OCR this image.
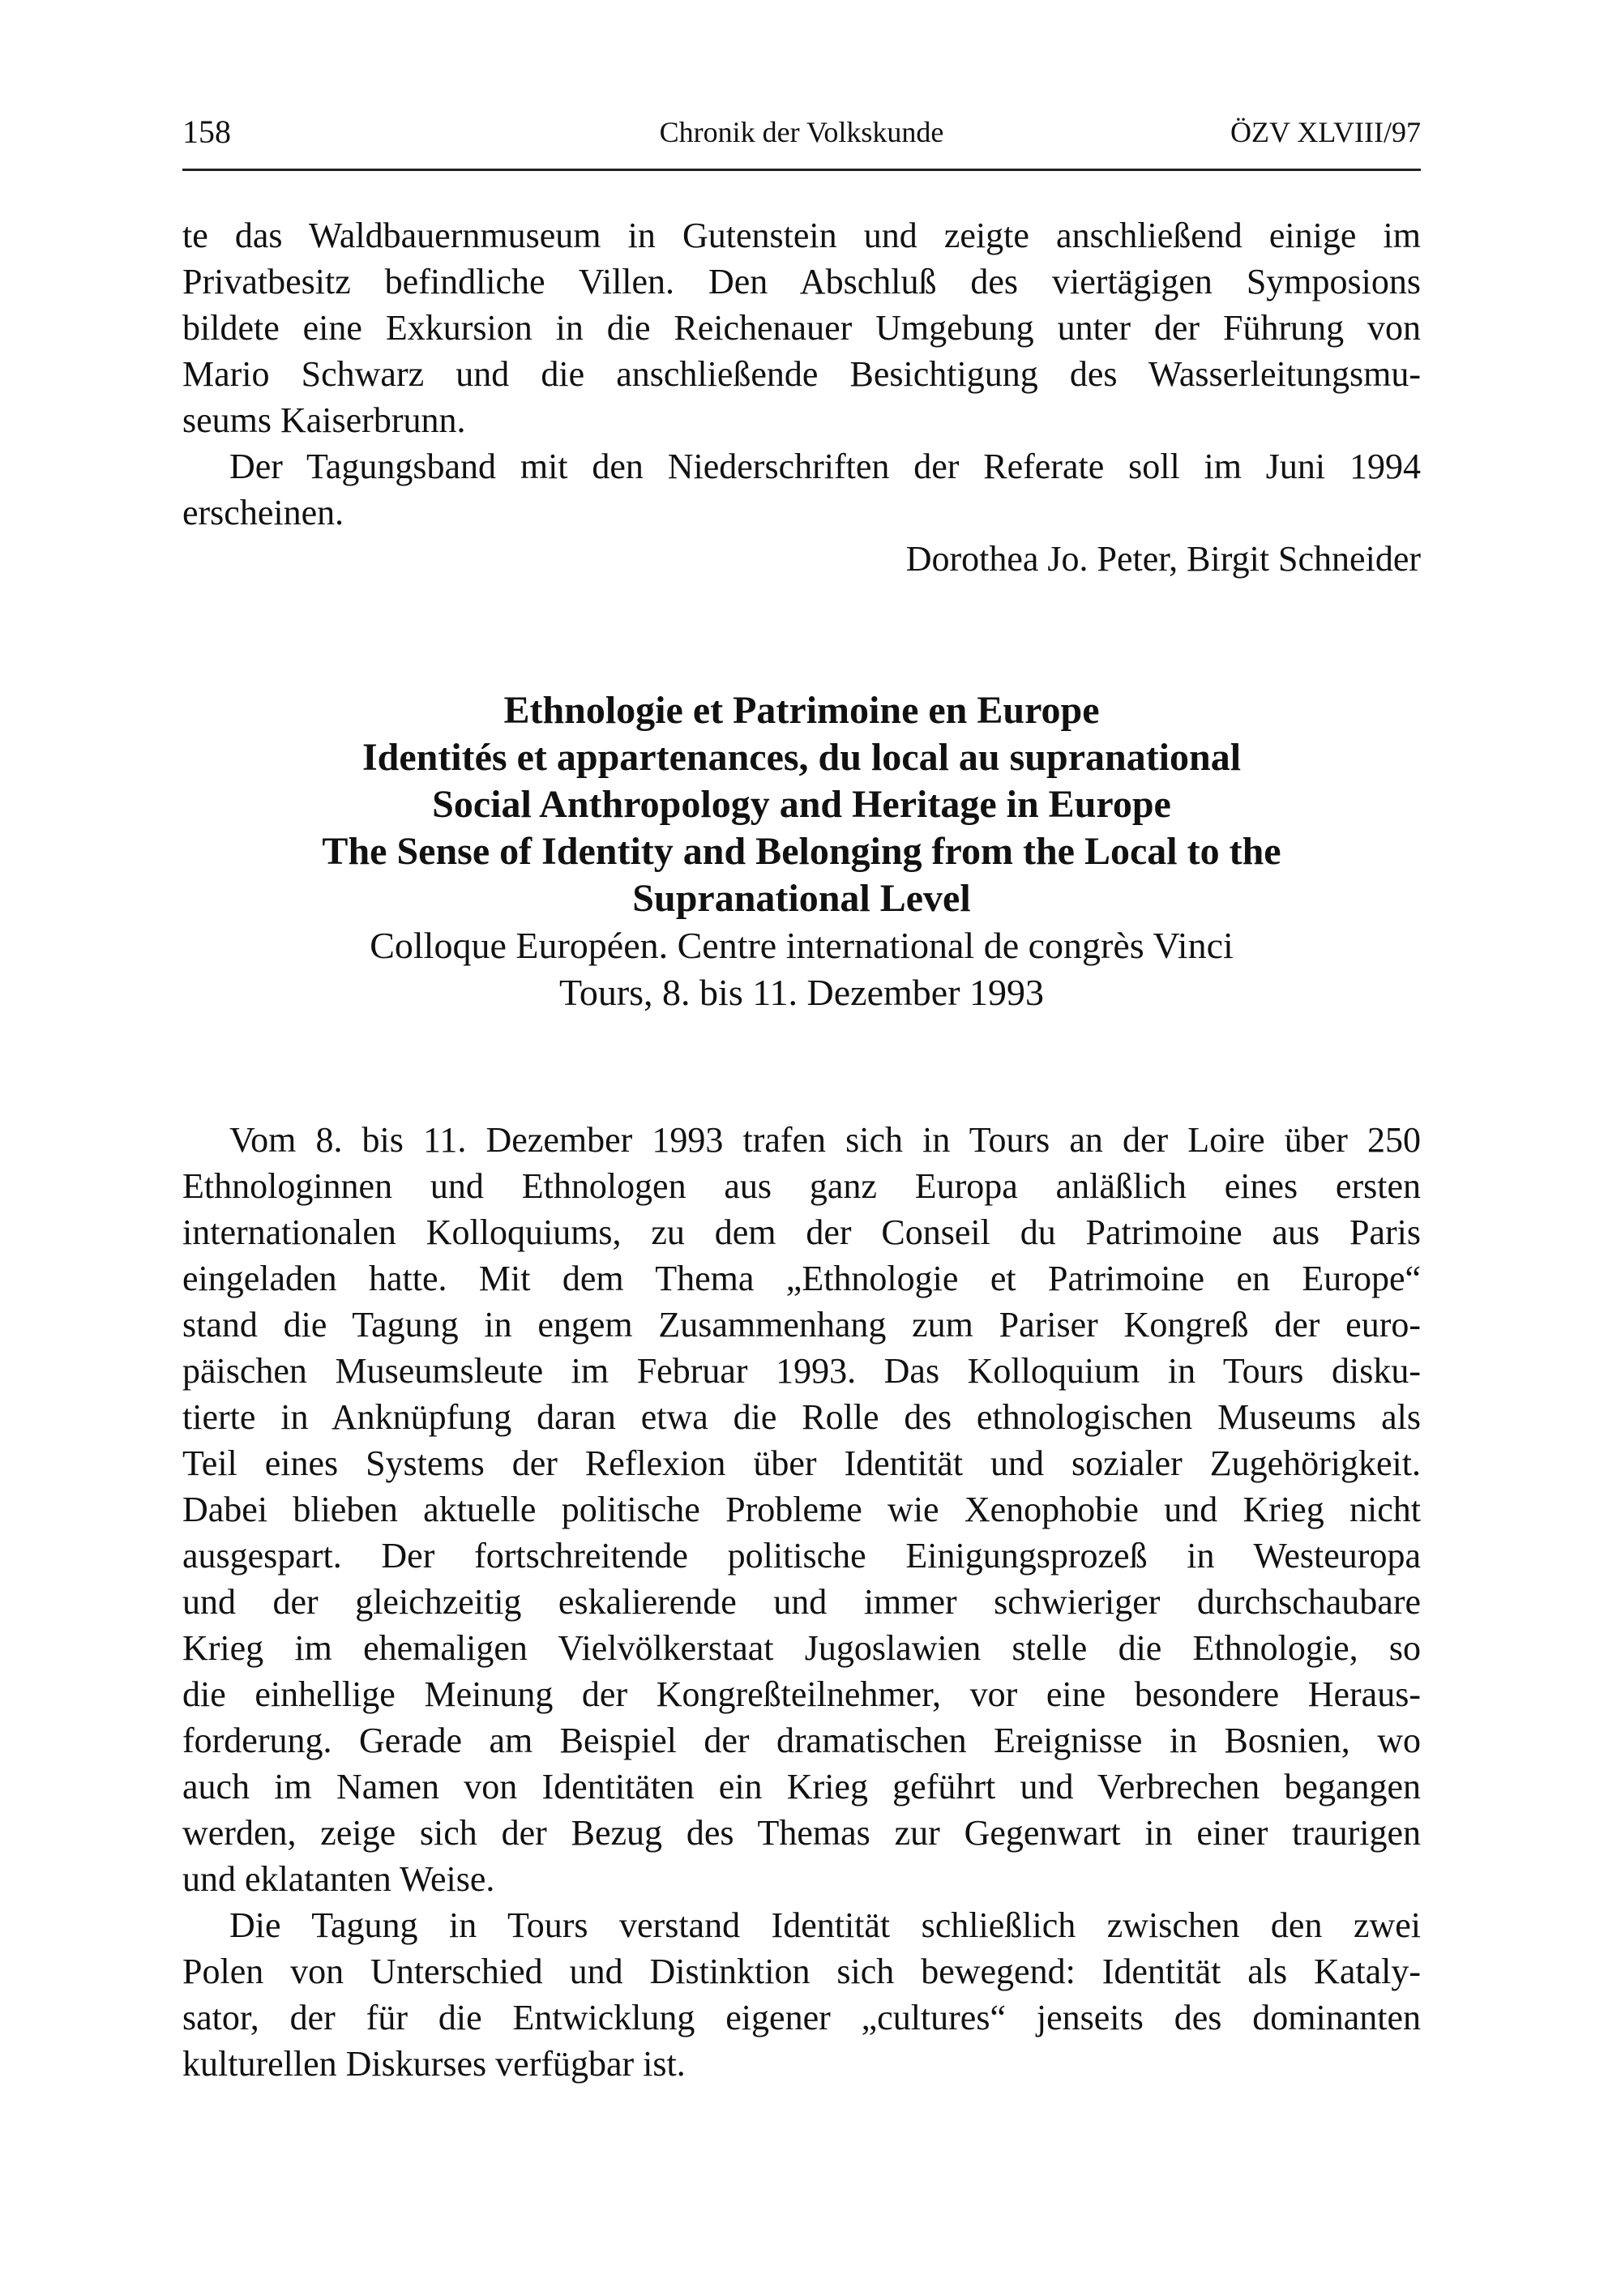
158	Chronik der Volkskunde	ÖZV XLVIII/97
te das Waldbauernmuseum in Gutenstein und zeigte anschließend einige im
Privatbesitz befindliche Villen. Den Abschluß des viertägigen Symposions
bildete eine Exkursion in die Reichenauer Umgebung unter der Führung von
Mario Schwarz und die anschließende Besichtigung des Wasserleitungsmu-
seums Kaiserbrunn.
Der Tagungsband mit den Niederschriften der Referate soll im Juni 1994
erscheinen.
Dorothea Jo. Peter, Birgit Schneider
Ethnologie et Patrimoine en Europe
Identités et appartenances, du local au supranational
Social Anthropology and Heritage in Europe
The Sense of Identity and Belonging from the Local to the
Supranational Level
Colloque Européen. Centre international de congrès Vinci
Tours, 8. bis 11. Dezember 1993
Vom 8. bis 11. Dezember 1993 trafen sich in Tours an der Loire über 250
Ethnologinnen und Ethnologen aus ganz Europa anläßlich eines ersten
internationalen Kolloquiums, zu dem der Conseil du Patrimoine aus Paris
eingeladen hatte. Mit dem Thema „Ethnologie et Patrimoine en Europe“
stand die Tagung in engem Zusammenhang zum Pariser Kongreß der euro-
päischen Museumsleute im Februar 1993. Das Kolloquium in Tours disku-
tierte in Anknüpfung daran etwa die Rolle des ethnologischen Museums als
Teil eines Systems der Reflexion über Identität und sozialer Zugehörigkeit.
Dabei blieben aktuelle politische Probleme wie Xenophobie und Krieg nicht
ausgespart. Der fortschreitende politische Einigungsprozeß in Westeuropa
und der gleichzeitig eskalierende und immer schwieriger durchschaubare
Krieg im ehemaligen Vielvölkerstaat Jugoslawien stelle die Ethnologie, so
die einhellige Meinung der Kongreßteilnehmer, vor eine besondere Heraus-
forderung. Gerade am Beispiel der dramatischen Ereignisse in Bosnien, wo
auch im Namen von Identitäten ein Krieg geführt und Verbrechen begangen
werden, zeige sich der Bezug des Themas zur Gegenwart in einer traurigen
und eklatanten Weise.
Die Tagung in Tours verstand Identität schließlich zwischen den zwei
Polen von Unterschied und Distinktion sich bewegend: Identität als Kataly-
sator, der für die Entwicklung eigener „cultures“ jenseits des dominanten
kulturellen Diskurses verfügbar ist.
